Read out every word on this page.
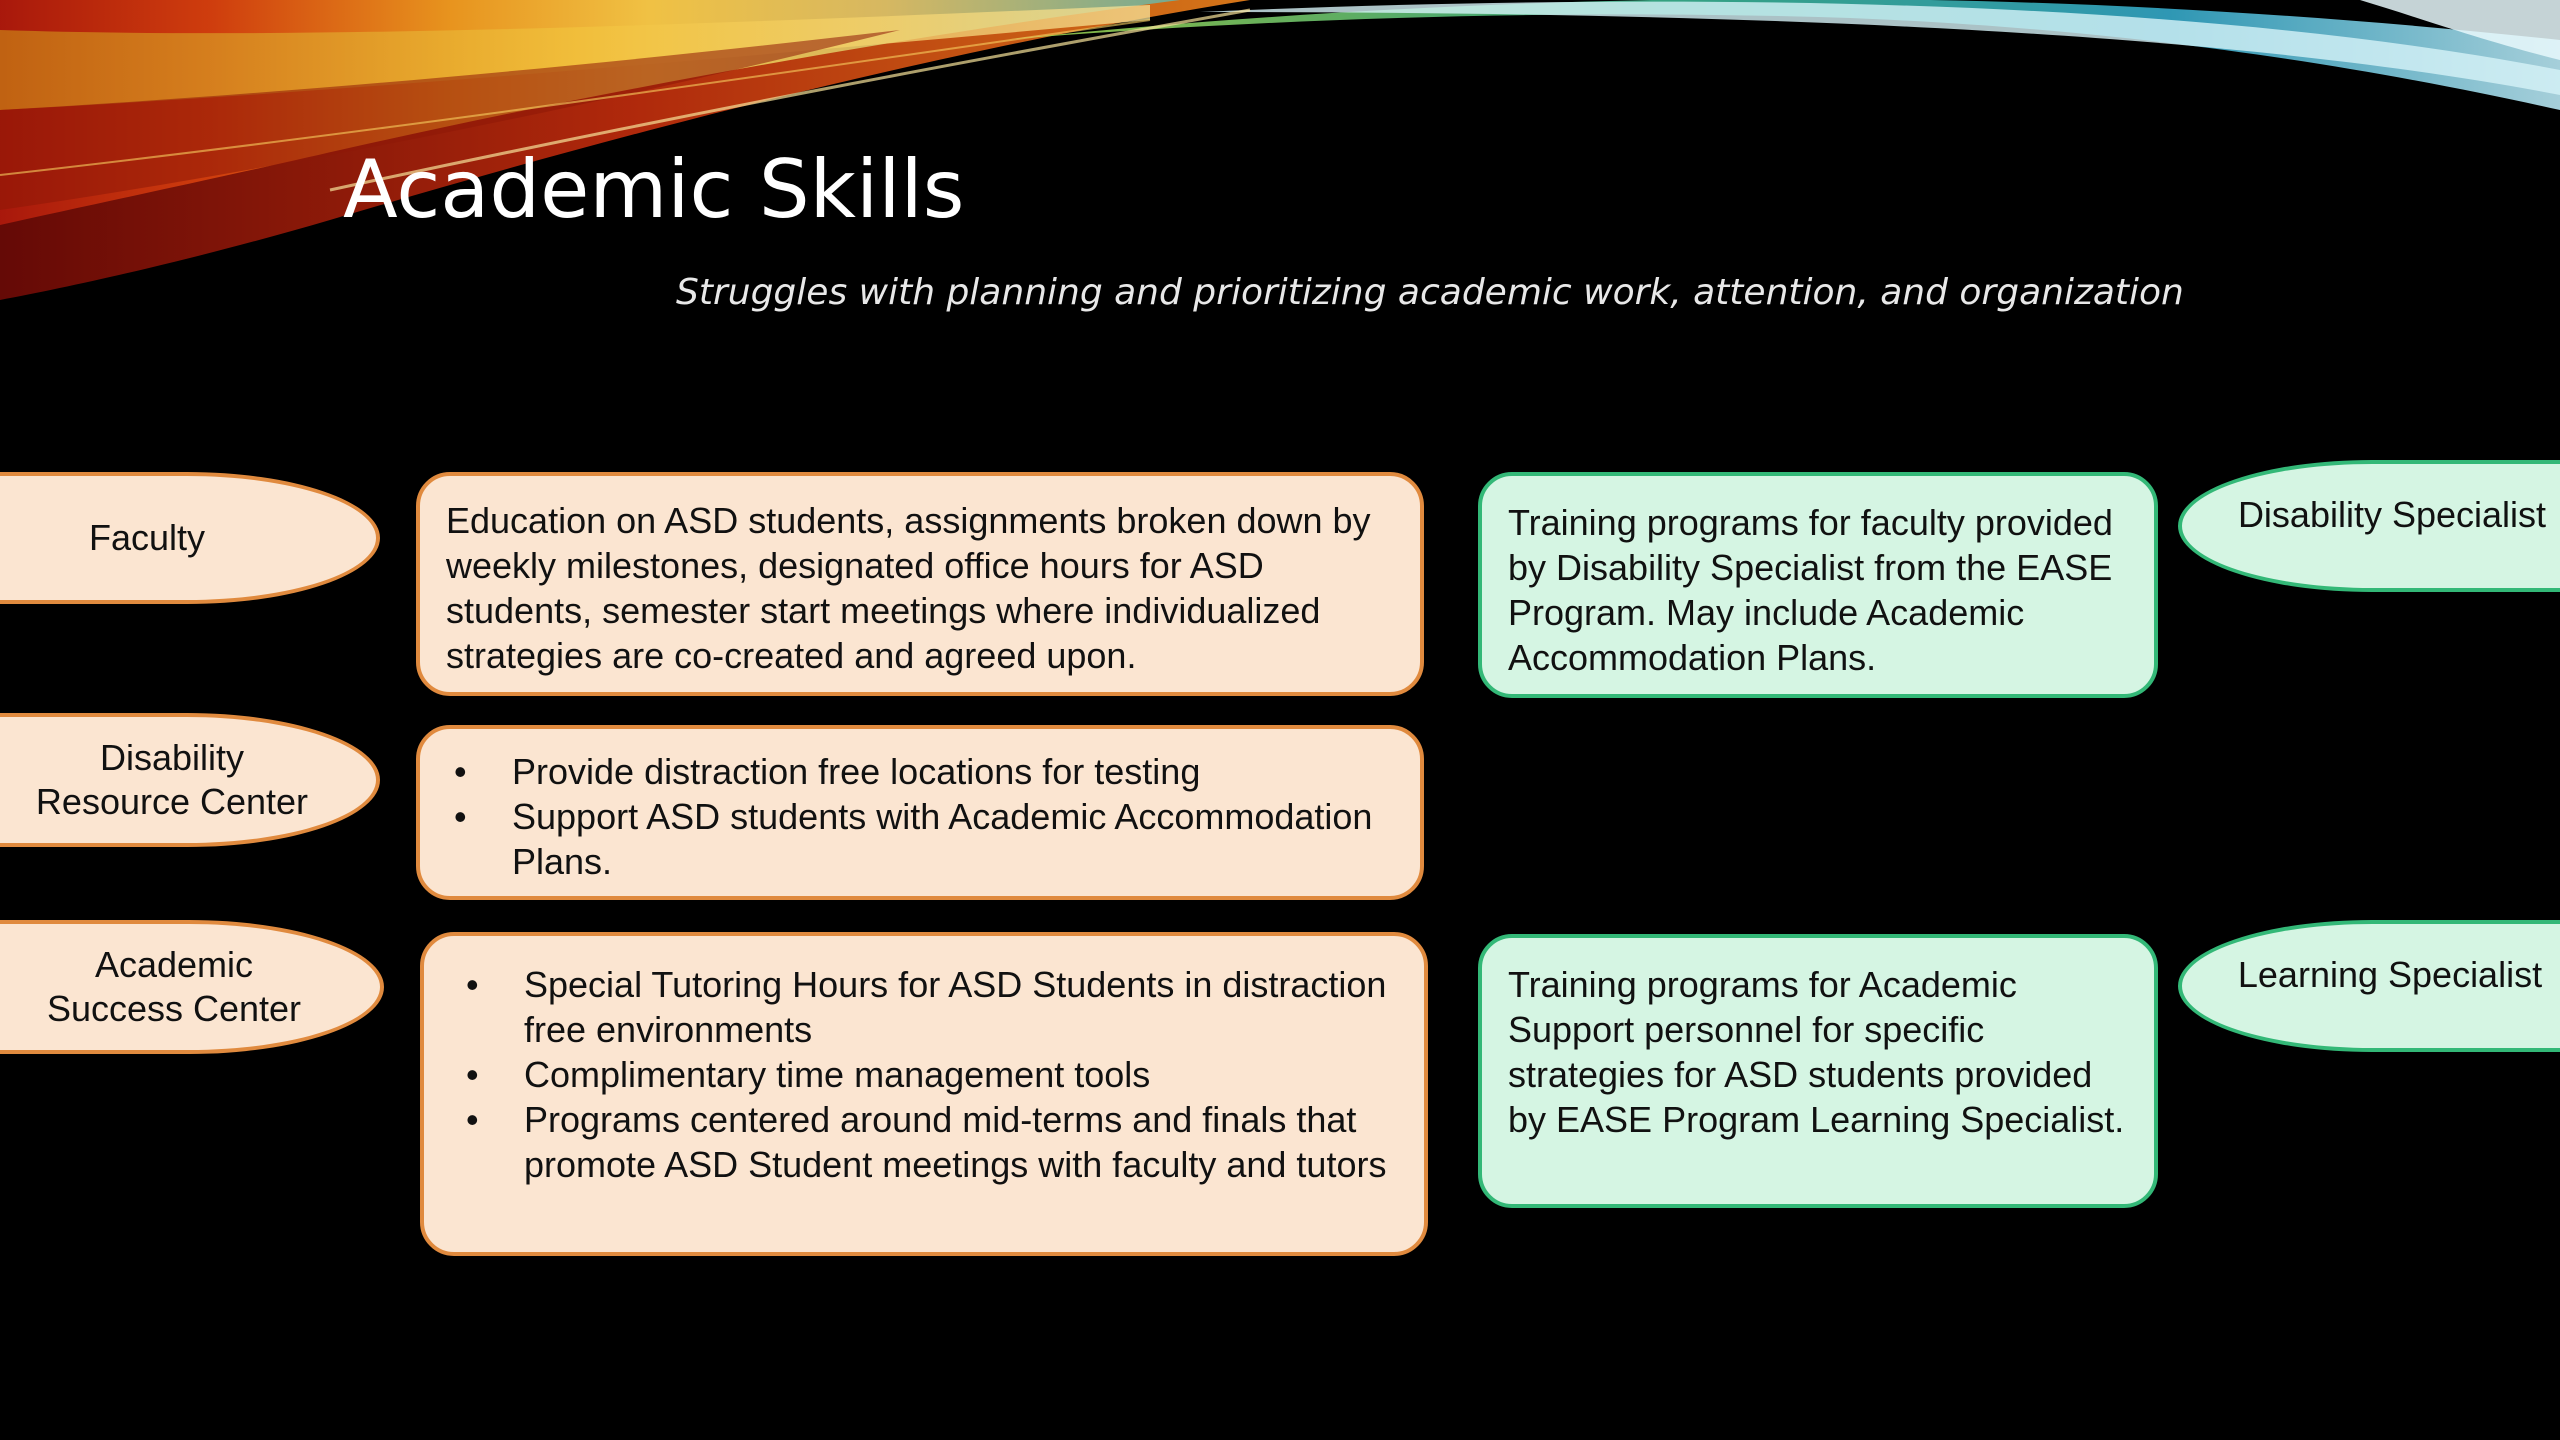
Academic Skills
Struggles with planning and prioritizing academic work, attention, and organization
Faculty
Disability
Resource Center
Academic
Success Center
Education on ASD students, assignments broken down by weekly milestones, designated office hours for ASD students, semester start meetings where individualized strategies are co-created and agreed upon.
• Provide distraction free locations for testing
• Support ASD students with Academic Accommodation Plans.
• Special Tutoring Hours for ASD Students in distraction free environments
• Complimentary time management tools
• Programs centered around mid-terms and finals that promote ASD Student meetings with faculty and tutors
Training programs for faculty provided by Disability Specialist from the EASE Program. May include Academic Accommodation Plans.
Training programs for Academic Support personnel for specific strategies for ASD students provided by EASE Program Learning Specialist.
Disability Specialist
Learning Specialist
